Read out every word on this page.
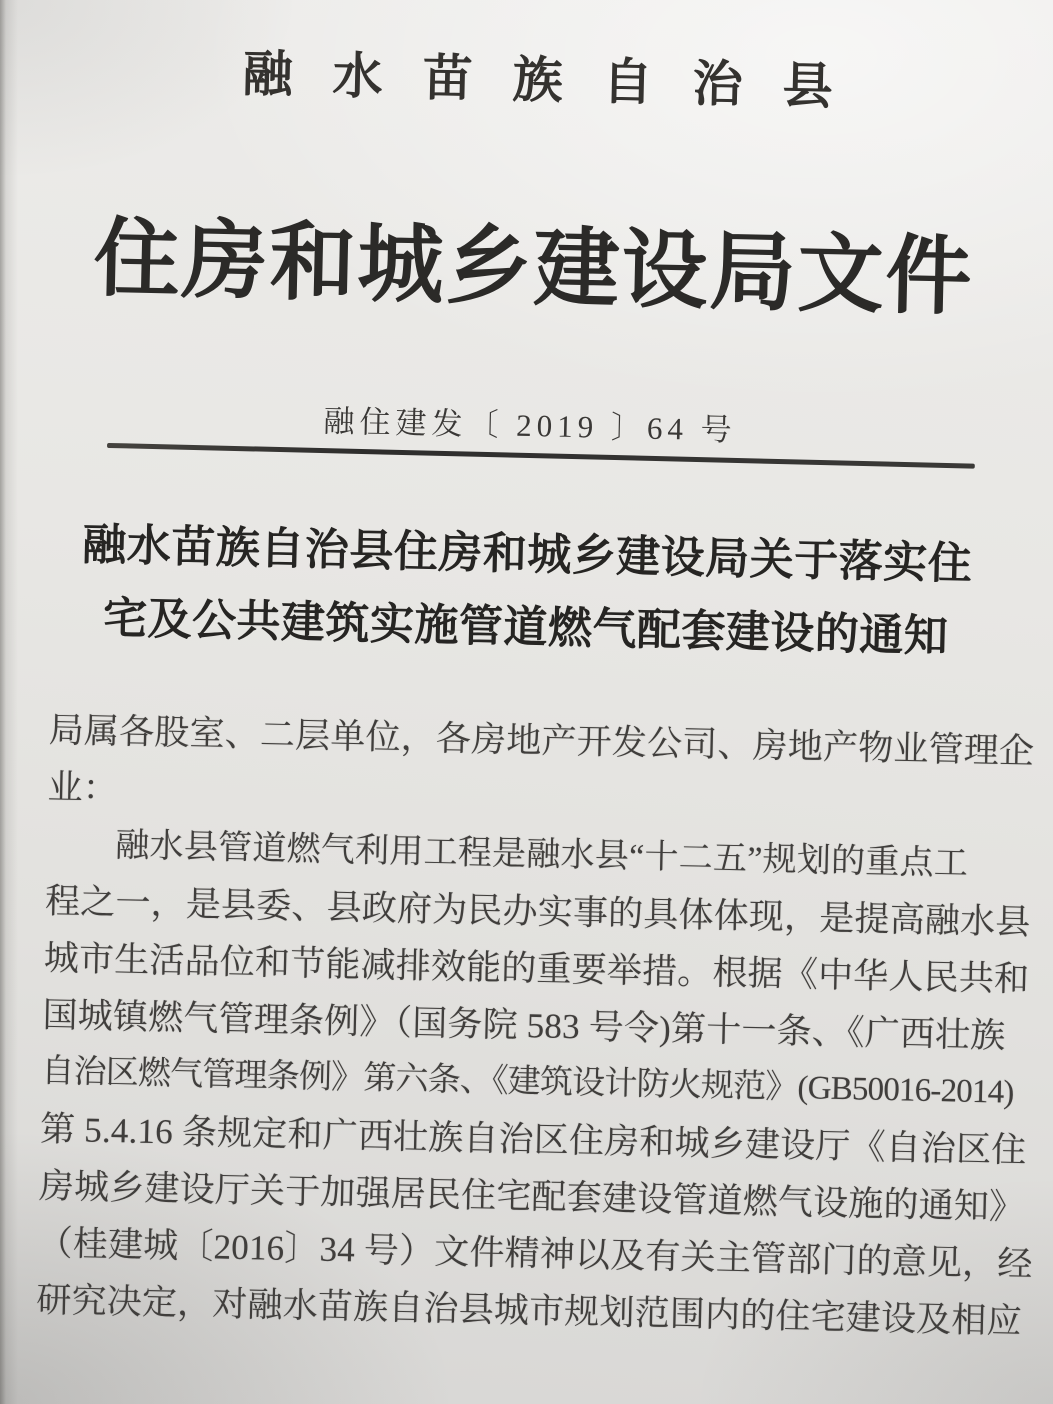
融水苗族自治县
住房和城乡建设局文件
融住建发〔 2019 〕64 号
融水苗族自治县住房和城乡建设局关于落实住
宅及公共建筑实施管道燃气配套建设的通知
局属各股室、二层单位，各房地产开发公司、房地产物业管理企
业：
融水县管道燃气利用工程是融水县“十二五”规划的重点工
程之一，是县委、县政府为民办实事的具体体现，是提高融水县
城市生活品位和节能减排效能的重要举措。根据《中华人民共和
国城镇燃气管理条例》（国务院 583 号令)第十一条、《广西壮族
自治区燃气管理条例》第六条、《建筑设计防火规范》(GB50016-2014)
第 5.4.16 条规定和广西壮族自治区住房和城乡建设厅《自治区住
房城乡建设厅关于加强居民住宅配套建设管道燃气设施的通知》
（桂建城〔2016〕34 号）文件精神以及有关主管部门的意见，经
研究决定，对融水苗族自治县城市规划范围内的住宅建设及相应
